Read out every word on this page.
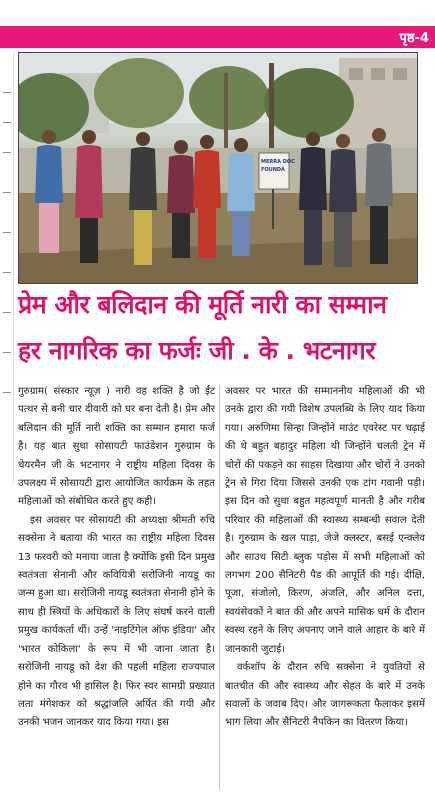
पृष्ठ-4
MERRA DOC
FOUNDA
प्रेम और बलिदान की मूर्ति नारी का सम्मान
हर नागरिक का फर्जः जी . के . भटनागर

गुरुग्राम( संस्कार न्यूज़ ) नारी वह शक्ति है जो ईंट पत्थर से बनी चार दीवारी को घर बना देती है। प्रेम और बलिदान की मूर्ति नारी शक्ति का सम्मान हमारा फर्ज है। यह बात सुधा सोसायटी फाउंडेशन गुरुग्राम के चेयरमैन जी के भटनागर ने राष्ट्रीय महिला दिवस के उपलक्ष्य में सोसायटी द्वारा आयोजित कार्यक्रम के तहत महिलाओं को संबोधित करते हुए कही।

इस अवसर पर सोसायटी की अध्यक्षा श्रीमती रुचि सक्सेना ने बताया की भारत का राष्ट्रीय महिला दिवस 13 फरवरी को मनाया जाता है क्योंकि इसी दिन प्रमुख स्वतंत्रता सेनानी और कवियित्री सरोजिनी नायडू का जन्म हुआ था। सरोजिनी नायडू स्वतंत्रता सेनानी होने के साथ ही स्त्रियों के अधिकारों के लिए संघर्ष करने वाली प्रमुख कार्यकर्ता थीं। उन्हें 'नाइटिंगेल ऑफ इंडिया' और 'भारत कोकिला' के रूप में भी जाना जाता है। सरोजिनी नायडू को देश की पहली महिला राज्यपाल होने का गौरव भी हासिल है। फिर स्वर सामग्री प्रख्यात लता मंगेशकर को श्रद्धांजलि अर्पित की गयी और उनकी भजन जानकर याद किया गया। इस

अवसर पर भारत की सम्माननीय महिलाओं की भी उनके द्वारा की गयी विशेष उपलब्धि के लिए याद किया गया। अरुणिमा सिन्हा जिन्होंने माउंट एवरेस्ट पर चढ़ाई की थे बहुत बहादुर महिला थी जिन्होंने चलती ट्रेन में चोरों की पकड़ने का साहस दिखाया और चोरों ने उनको ट्रेन से गिरा दिया जिससे उनकी एक टांग गवानी पड़ी। इस दिन को सुधा बहुत महत्वपूर्ण मानती है और गरीब परिवार की महिलाओं की स्वास्थ्य सम्बन्धी सवाल देती है। गुरुग्राम के खल पाड़ा, जेजे क्लस्टर, बसई एन्क्लेव और साउथ सिटी ब्लुक पड़ोस में सभी महिलाओं को लगभग 200 सैनिटरी पैड की आपूर्ति की गई। दीक्षि, पूजा, संजोलो, किरण, अंजलि, और अनिल दत्ता, स्वयंसेवकों ने बात की और अपने मासिक धर्म के दौरान स्वस्थ रहने के लिए अपनाए जाने वाले आहार के बारे में जानकारी जुटाई।

वर्कशॉप के दौरान रुचि सक्सेना ने युवतियों से बातचीत की और स्वास्थ्य और सेहत के बारे में उनके सवालों के जवाब दिए। और जागरूकता फैलाकर इसमें भाग लिया और सैनिटरी नैपकिन का वितरण किया।
